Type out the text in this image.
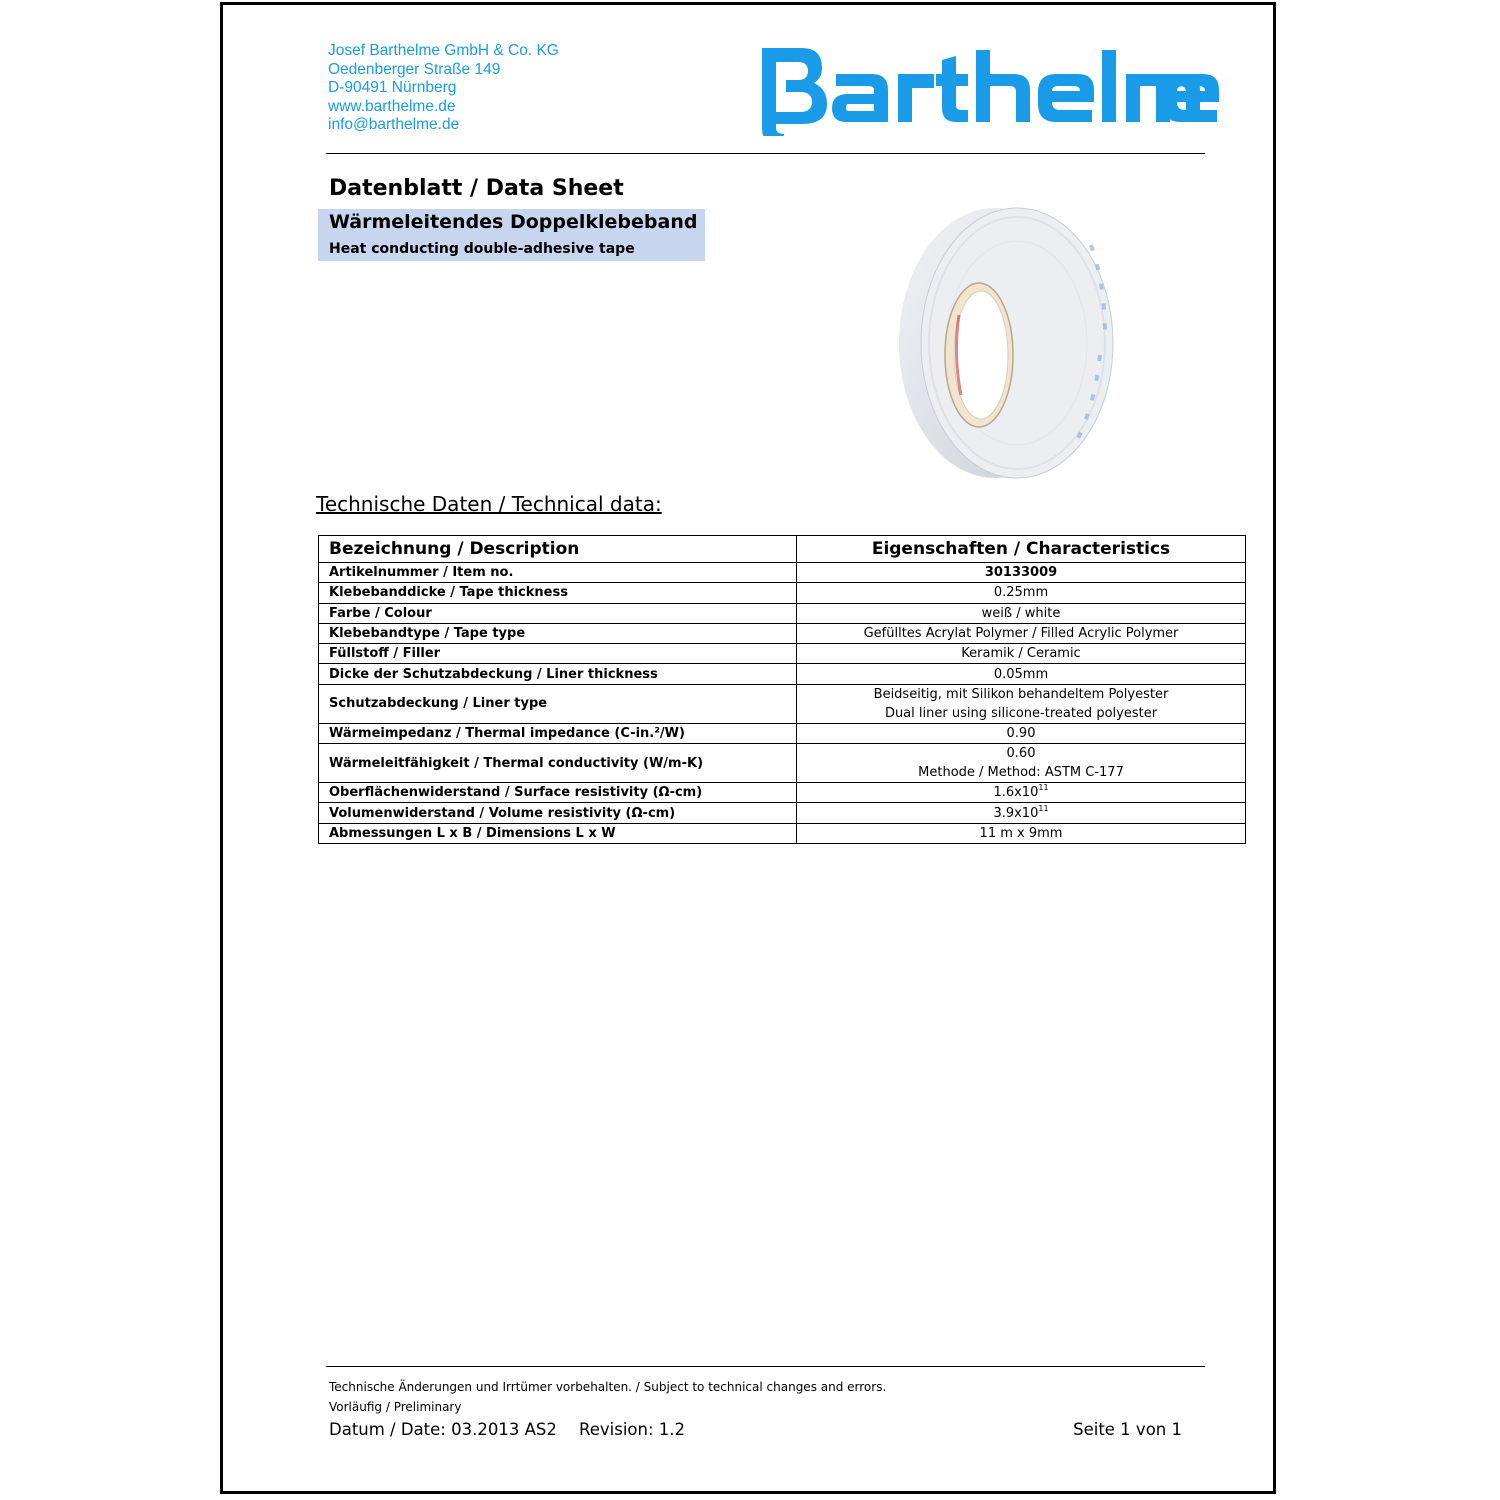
Josef Barthelme GmbH & Co. KG
Oedenberger Straße 149
D-90491 Nürnberg
www.barthelme.de
info@barthelme.de
Datenblatt / Data Sheet
Wärmeleitendes Doppelklebeband
Heat conducting double-adhesive tape
Technische Daten / Technical data:
Bezeichnung / Description	Eigenschaften / Characteristics
Artikelnummer / Item no.	30133009
Klebebanddicke / Tape thickness	0.25mm
Farbe / Colour	weiß / white
Klebebandtype / Tape type	Gefülltes Acrylat Polymer / Filled Acrylic Polymer
Füllstoff / Filler	Keramik / Ceramic
Dicke der Schutzabdeckung / Liner thickness	0.05mm
Schutzabdeckung / Liner type	Beidseitig, mit Silikon behandeltem Polyester
Dual liner using silicone-treated polyester

Wärmeimpedanz / Thermal impedance (C-in.²/W)	0.90
Wärmeleitfähigkeit / Thermal conductivity (W/m-K)	0.60
Methode / Method: ASTM C-177

Oberflächenwiderstand / Surface resistivity (Ω-cm)	$1.6x10^{11}$
Volumenwiderstand / Volume resistivity (Ω-cm)	$3.9x10^{11}$
Abmessungen L x B / Dimensions L x W	11 m x 9mm
Technische Änderungen und Irrtümer vorbehalten. / Subject to technical changes and errors.
Vorläufig / Preliminary
Datum / Date: 03.2013 AS2 Revision: 1.2	Seite 1 von 1
